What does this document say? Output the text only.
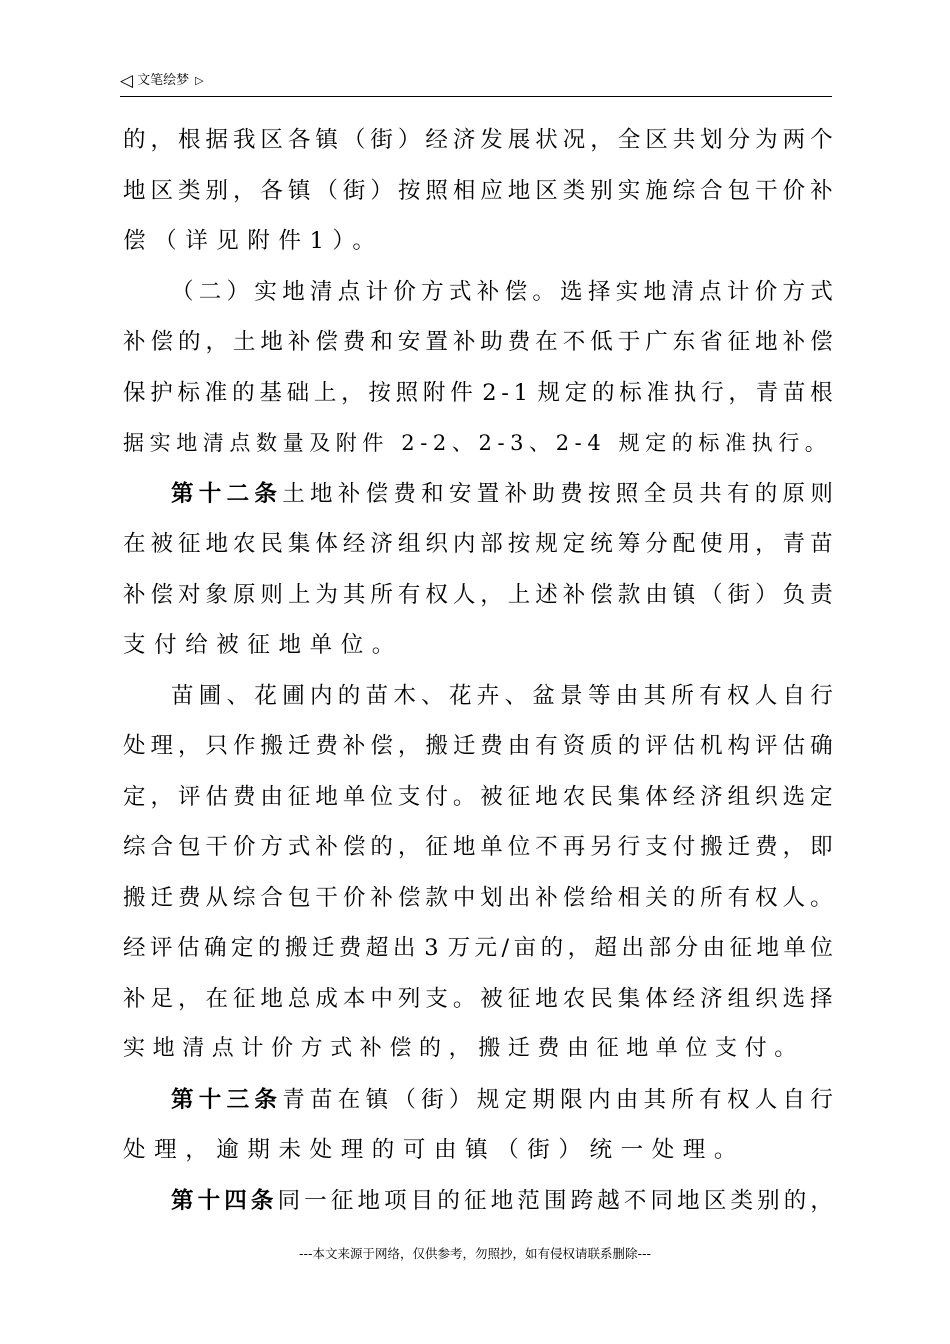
◁ 文笔绘梦 ▷
的 ， 根 据 我 区 各 镇 （ 街 ） 经 济 发 展 状 况 ， 全 区 共 划 分 为 两 个
地 区 类 别 ， 各 镇 （ 街 ） 按 照 相 应 地 区 类 别 实 施 综 合 包 干 价 补
偿（详见附件1）。
（ 二 ） 实 地 清 点 计 价 方 式 补 偿 。 选 择 实 地 清 点 计 价 方 式
补 偿 的 ， 土 地 补 偿 费 和 安 置 补 助 费 在 不 低 于 广 东 省 征 地 补 偿
保 护 标 准 的 基 础 上 ， 按 照 附 件 2 - 1 规 定 的 标 准 执 行 ， 青 苗 根
据实地清点数量及附件 2-2、2-3、2-4 规定的标准执行。
第 十 二 条 土 地 补 偿 费 和 安 置 补 助 费 按 照 全 员 共 有 的 原 则
在 被 征 地 农 民 集 体 经 济 组 织 内 部 按 规 定 统 筹 分 配 使 用 ， 青 苗
补 偿 对 象 原 则 上 为 其 所 有 权 人 ， 上 述 补 偿 款 由 镇 （ 街 ） 负 责
支付给被征地单位。
苗 圃 、 花 圃 内 的 苗 木 、 花 卉 、 盆 景 等 由 其 所 有 权 人 自 行
处 理 ， 只 作 搬 迁 费 补 偿 ， 搬 迁 费 由 有 资 质 的 评 估 机 构 评 估 确
定 ， 评 估 费 由 征 地 单 位 支 付 。 被 征 地 农 民 集 体 经 济 组 织 选 定
综 合 包 干 价 方 式 补 偿 的 ， 征 地 单 位 不 再 另 行 支 付 搬 迁 费 ， 即
搬 迁 费 从 综 合 包 干 价 补 偿 款 中 划 出 补 偿 给 相 关 的 所 有 权 人 。
经 评 估 确 定 的 搬 迁 费 超 出 3 万 元 / 亩 的 ， 超 出 部 分 由 征 地 单 位
补 足 ， 在 征 地 总 成 本 中 列 支 。 被 征 地 农 民 集 体 经 济 组 织 选 择
实地清点计价方式补偿的，搬迁费由征地单位支付。
第 十 三 条 青 苗 在 镇 （ 街 ） 规 定 期 限 内 由 其 所 有 权 人 自 行
处理，逾期未处理的可由镇（街）统一处理。
第 十 四 条 同 一 征 地 项 目 的 征 地 范 围 跨 越 不 同 地 区 类 别 的 ，
---本文来源于网络，仅供参考，勿照抄，如有侵权请联系删除---
